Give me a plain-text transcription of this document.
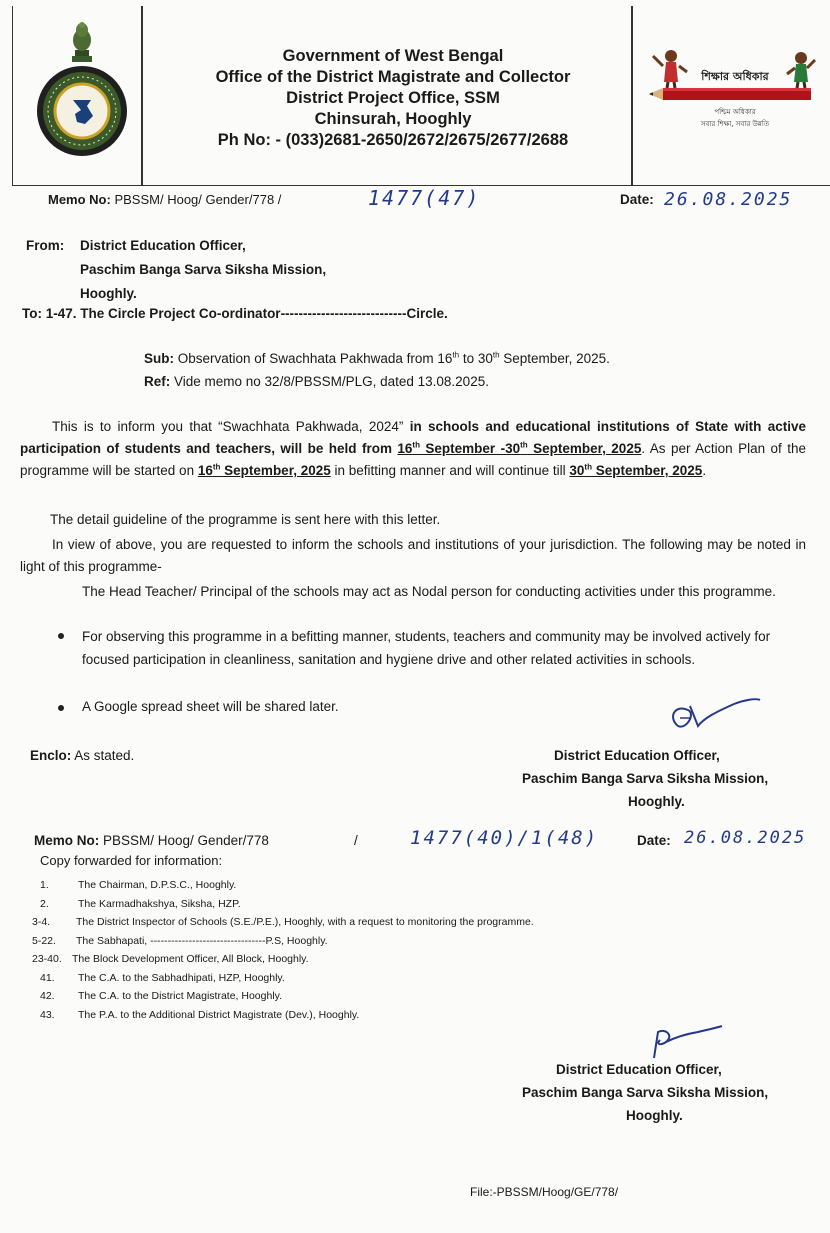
Government of West Bengal
Office of the District Magistrate and Collector
District Project Office, SSM
Chinsurah, Hooghly
Ph No: - (033)2681-2650/2672/2675/2677/2688
শিক্ষার অধিকার
পশ্চিম অধিকার
সবার শিক্ষা, সবার উন্নতি
Memo No: PBSSM/ Hoog/ Gender/778 /	1477(47)	Date: 26.08.2025
From: District Education Officer,
Paschim Banga Sarva Siksha Mission,
Hooghly.
To: 1-47. The Circle Project Co-ordinator----------------------------Circle.
Sub: Observation of Swachhata Pakhwada from 16th to 30th September, 2025.
Ref: Vide memo no 32/8/PBSSM/PLG, dated 13.08.2025.
This is to inform you that “Swachhata Pakhwada, 2024” in schools and educational institutions of State with active participation of students and teachers, will be held from 16th September -30th September, 2025. As per Action Plan of the programme will be started on 16th September, 2025 in befitting manner and will continue till 30th September, 2025.
The detail guideline of the programme is sent here with this letter.
In view of above, you are requested to inform the schools and institutions of your jurisdiction. The following may be noted in light of this programme-
The Head Teacher/ Principal of the schools may act as Nodal person for conducting activities under this programme.
For observing this programme in a befitting manner, students, teachers and community may be involved actively for focused participation in cleanliness, sanitation and hygiene drive and other related activities in schools.
A Google spread sheet will be shared later.
Enclo: As stated.	District Education Officer,
Paschim Banga Sarva Siksha Mission,
Hooghly.
Memo No: PBSSM/ Hoog/ Gender/778	/	1477(40)/1(48)	Date: 26.08.2025
Copy forwarded for information:
1.	The Chairman, D.P.S.C., Hooghly.
2.	The Karmadhakshya, Siksha, HZP.
3-4.	The District Inspector of Schools (S.E./P.E.), Hooghly, with a request to monitoring the programme.
5-22.	The Sabhapati, ---------------------------------P.S, Hooghly.
23-40. The Block Development Officer, All Block, Hooghly.
41.	The C.A. to the Sabhadhipati, HZP, Hooghly.
42.	The C.A. to the District Magistrate, Hooghly.
43.	The P.A. to the Additional District Magistrate (Dev.), Hooghly.
District Education Officer,
Paschim Banga Sarva Siksha Mission,
Hooghly.
File:-PBSSM/Hoog/GE/778/
